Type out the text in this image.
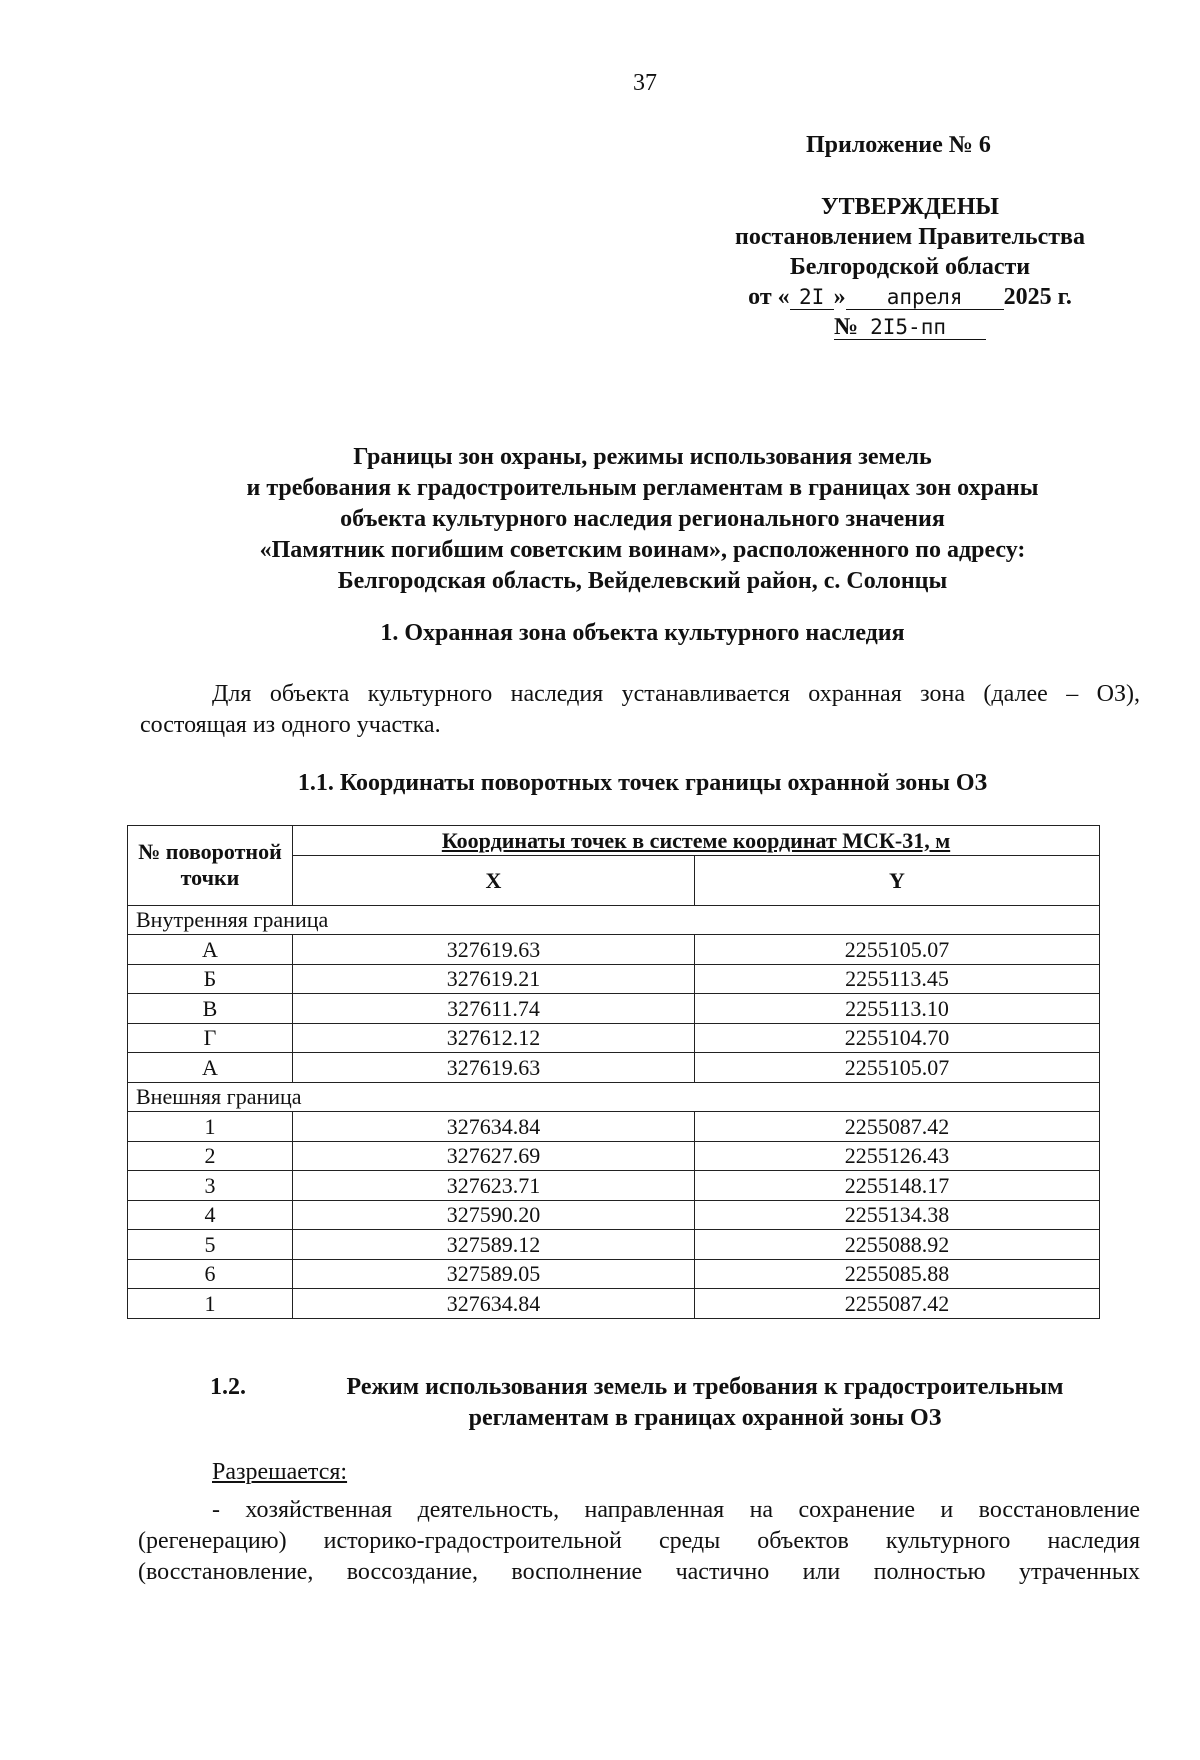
37
Приложение № 6
УТВЕРЖДЕНЫ
постановлением Правительства
Белгородской области
от « 2I » апреля 2025 г.
№ 2I5-пп
Границы зон охраны, режимы использования земель
и требования к градостроительным регламентам в границах зон охраны
объекта культурного наследия регионального значения
«Памятник погибшим советским воинам», расположенного по адресу:
Белгородская область, Вейделевский район, с. Солонцы
1. Охранная зона объекта культурного наследия
Для объекта культурного наследия устанавливается охранная зона (далее – ОЗ), состоящая из одного участка.
1.1. Координаты поворотных точек границы охранной зоны ОЗ
№ поворотной точки	Координаты точек в системе координат МСК-31, м	
	X	Y
Внутренняя граница		
А	327619.63	2255105.07
Б	327619.21	2255113.45
В	327611.74	2255113.10
Г	327612.12	2255104.70
А	327619.63	2255105.07
Внешняя граница		
1	327634.84	2255087.42
2	327627.69	2255126.43
3	327623.71	2255148.17
4	327590.20	2255134.38
5	327589.12	2255088.92
6	327589.05	2255085.88
1	327634.84	2255087.42
1.2.	Режим использования земель и требования к градостроительным
регламентам в границах охранной зоны ОЗ
Разрешается:
- хозяйственная деятельность, направленная на сохранение и восстановление
(регенерацию) историко-градостроительной среды объектов культурного наследия
(восстановление, воссоздание, восполнение частично или полностью утраченных
